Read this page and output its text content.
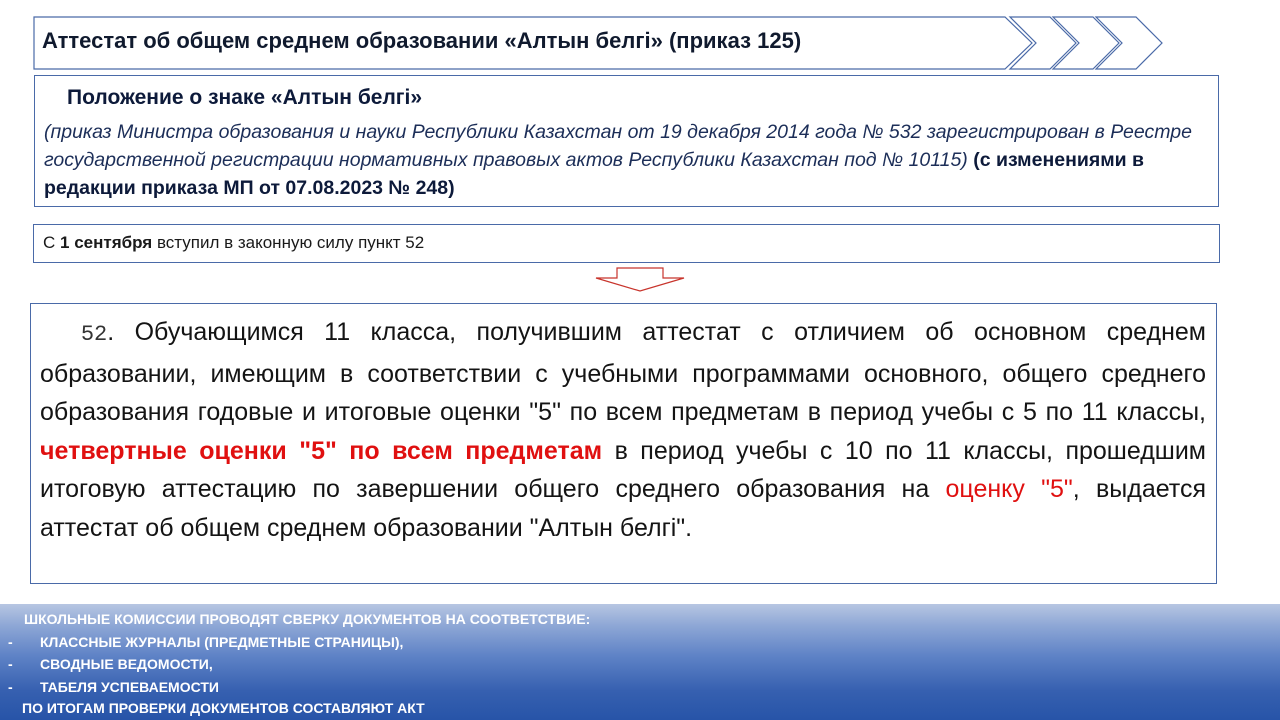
Аттестат об общем среднем образовании «Алтын белгі» (приказ 125)
Положение о знаке «Алтын белгі»
(приказ Министра образования и науки Республики Казахстан от 19 декабря 2014 года № 532 зарегистрирован в Реестре государственной регистрации нормативных правовых актов Республики Казахстан под № 10115) (с изменениями в редакции приказа МП от 07.08.2023 № 248)
С 1 сентября вступил в законную силу пункт 52
52. Обучающимся 11 класса, получившим аттестат с отличием об основном среднем образовании, имеющим в соответствии с учебными программами основного, общего среднего образования годовые и итоговые оценки "5" по всем предметам в период учебы с 5 по 11 классы, четвертные оценки "5" по всем предметам в период учебы с 10 по 11 классы, прошедшим итоговую аттестацию по завершении общего среднего образования на оценку "5", выдается аттестат об общем среднем образовании "Алтын белгі".
ШКОЛЬНЫЕ КОМИССИИ ПРОВОДЯТ СВЕРКУ ДОКУМЕНТОВ НА СООТВЕТСТВИЕ:
- КЛАССНЫЕ ЖУРНАЛЫ (ПРЕДМЕТНЫЕ СТРАНИЦЫ),
- СВОДНЫЕ ВЕДОМОСТИ,
- ТАБЕЛЯ УСПЕВАЕМОСТИ
ПО ИТОГАМ ПРОВЕРКИ ДОКУМЕНТОВ СОСТАВЛЯЮТ АКТ
